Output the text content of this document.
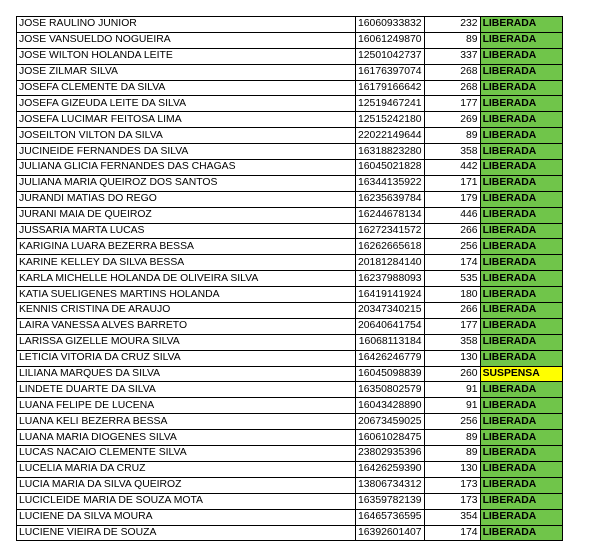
JOSE RAULINO JUNIOR	16060933832	232	LIBERADA
JOSE VANSUELDO NOGUEIRA	16061249870	89	LIBERADA
JOSE WILTON HOLANDA LEITE	12501042737	337	LIBERADA
JOSE ZILMAR SILVA	16176397074	268	LIBERADA
JOSEFA CLEMENTE DA SILVA	16179166642	268	LIBERADA
JOSEFA GIZEUDA LEITE DA SILVA	12519467241	177	LIBERADA
JOSEFA LUCIMAR FEITOSA LIMA	12515242180	269	LIBERADA
JOSEILTON VILTON DA SILVA	22022149644	89	LIBERADA
JUCINEIDE FERNANDES DA SILVA	16318823280	358	LIBERADA
JULIANA GLICIA FERNANDES DAS CHAGAS	16045021828	442	LIBERADA
JULIANA MARIA QUEIROZ DOS SANTOS	16344135922	171	LIBERADA
JURANDI MATIAS DO REGO	16235639784	179	LIBERADA
JURANI MAIA DE QUEIROZ	16244678134	446	LIBERADA
JUSSARIA MARTA LUCAS	16272341572	266	LIBERADA
KARIGINA LUARA BEZERRA BESSA	16262665618	256	LIBERADA
KARINE KELLEY DA SILVA BESSA	20181284140	174	LIBERADA
KARLA MICHELLE HOLANDA DE OLIVEIRA SILVA	16237988093	535	LIBERADA
KATIA SUELIGENES MARTINS HOLANDA	16419141924	180	LIBERADA
KENNIS CRISTINA DE ARAUJO	20347340215	266	LIBERADA
LAIRA VANESSA ALVES BARRETO	20640641754	177	LIBERADA
LARISSA GIZELLE MOURA SILVA	16068113184	358	LIBERADA
LETICIA VITORIA DA CRUZ SILVA	16426246779	130	LIBERADA
LILIANA MARQUES DA SILVA	16045098839	260	SUSPENSA
LINDETE DUARTE DA SILVA	16350802579	91	LIBERADA
LUANA FELIPE DE LUCENA	16043428890	91	LIBERADA
LUANA KELI BEZERRA BESSA	20673459025	256	LIBERADA
LUANA MARIA DIOGENES SILVA	16061028475	89	LIBERADA
LUCAS NACAIO CLEMENTE SILVA	23802935396	89	LIBERADA
LUCELIA MARIA DA CRUZ	16426259390	130	LIBERADA
LUCIA MARIA DA SILVA QUEIROZ	13806734312	173	LIBERADA
LUCICLEIDE MARIA DE SOUZA MOTA	16359782139	173	LIBERADA
LUCIENE DA SILVA MOURA	16465736595	354	LIBERADA
LUCIENE VIEIRA DE SOUZA	16392601407	174	LIBERADA
